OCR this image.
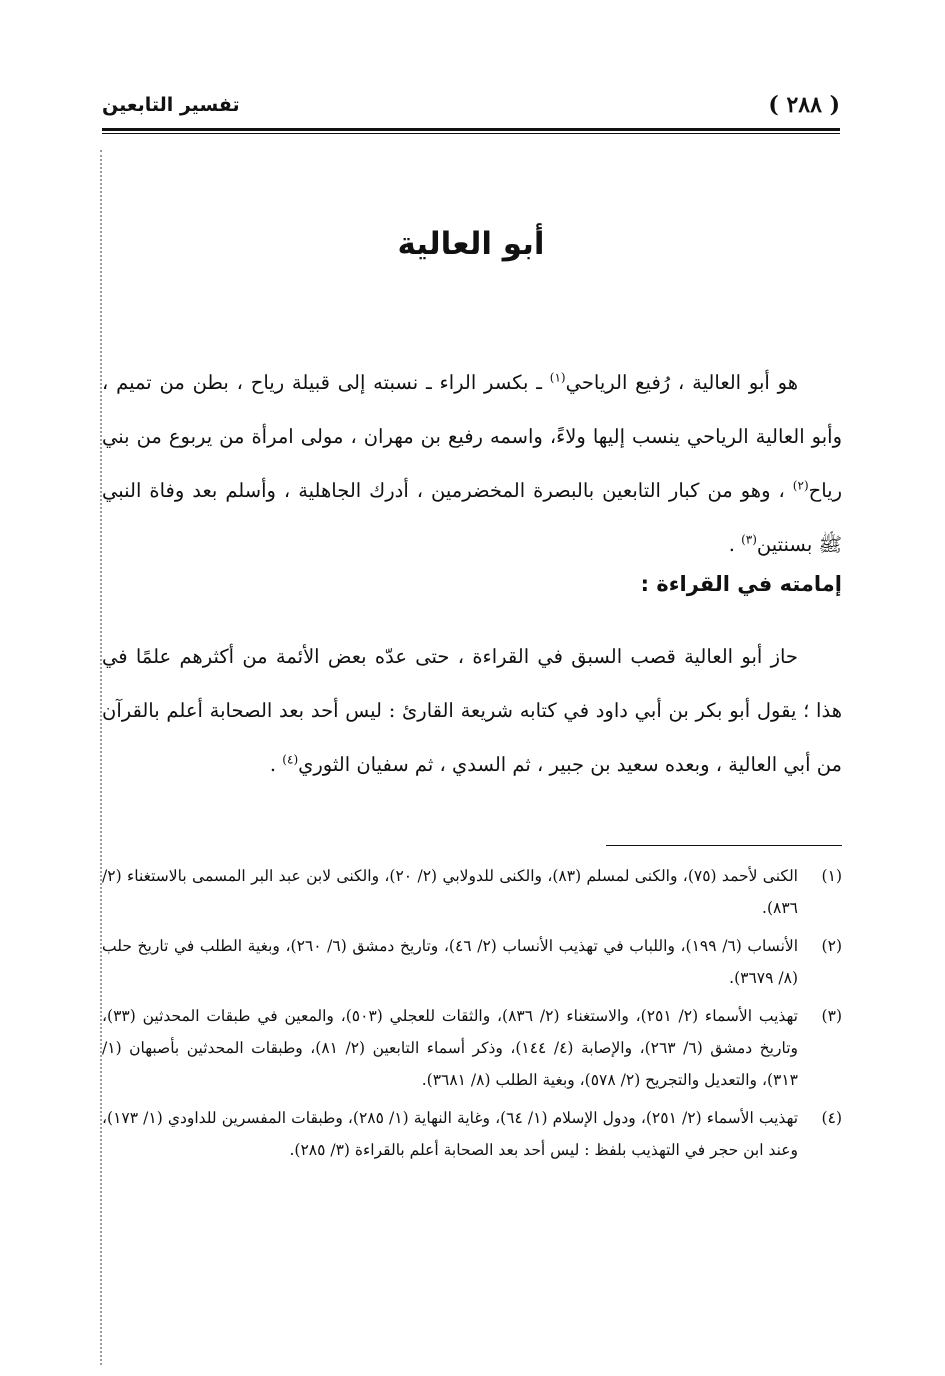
( ٢٨٨ )
تفسير التابعين
أبو العالية
هو أبو العالية ، رُفيع الرياحي$^{(١)}$ ـ بكسر الراء ـ نسبته إلى قبيلة رياح ، بطن من تميم ، وأبو العالية الرياحي ينسب إليها ولاءً، واسمه رفيع بن مهران ، مولى امرأة من يربوع من بني رياح$^{(٢)}$ ، وهو من كبار التابعين بالبصرة المخضرمين ، أدرك الجاهلية ، وأسلم بعد وفاة النبي ﷺ بسنتين$^{(٣)}$ .
إمامته في القراءة :
حاز أبو العالية قصب السبق في القراءة ، حتى عدّه بعض الأئمة من أكثرهم علمًا في هذا ؛ يقول أبو بكر بن أبي داود في كتابه شريعة القارئ : ليس أحد بعد الصحابة أعلم بالقرآن من أبي العالية ، وبعده سعيد بن جبير ، ثم السدي ، ثم سفيان الثوري$^{(٤)}$ .
(١)
الكنى لأحمد (٧٥)، والكنى لمسلم (٨٣)، والكنى للدولابي (٢/ ٢٠)، والكنى لابن عبد البر المسمى بالاستغناء (٢/ ٨٣٦).
(٢)
الأنساب (٦/ ١٩٩)، واللباب في تهذيب الأنساب (٢/ ٤٦)، وتاريخ دمشق (٦/ ٢٦٠)، وبغية الطلب في تاريخ حلب (٨/ ٣٦٧٩).
(٣)
تهذيب الأسماء (٢/ ٢٥١)، والاستغناء (٢/ ٨٣٦)، والثقات للعجلي (٥٠٣)، والمعين في طبقات المحدثين (٣٣)، وتاريخ دمشق (٦/ ٢٦٣)، والإصابة (٤/ ١٤٤)، وذكر أسماء التابعين (٢/ ٨١)، وطبقات المحدثين بأصبهان (١/ ٣١٣)، والتعديل والتجريح (٢/ ٥٧٨)، وبغية الطلب (٨/ ٣٦٨١).
(٤)
تهذيب الأسماء (٢/ ٢٥١)، ودول الإسلام (١/ ٦٤)، وغاية النهاية (١/ ٢٨٥)، وطبقات المفسرين للداودي (١/ ١٧٣)، وعند ابن حجر في التهذيب بلفظ : ليس أحد بعد الصحابة أعلم بالقراءة (٣/ ٢٨٥).
